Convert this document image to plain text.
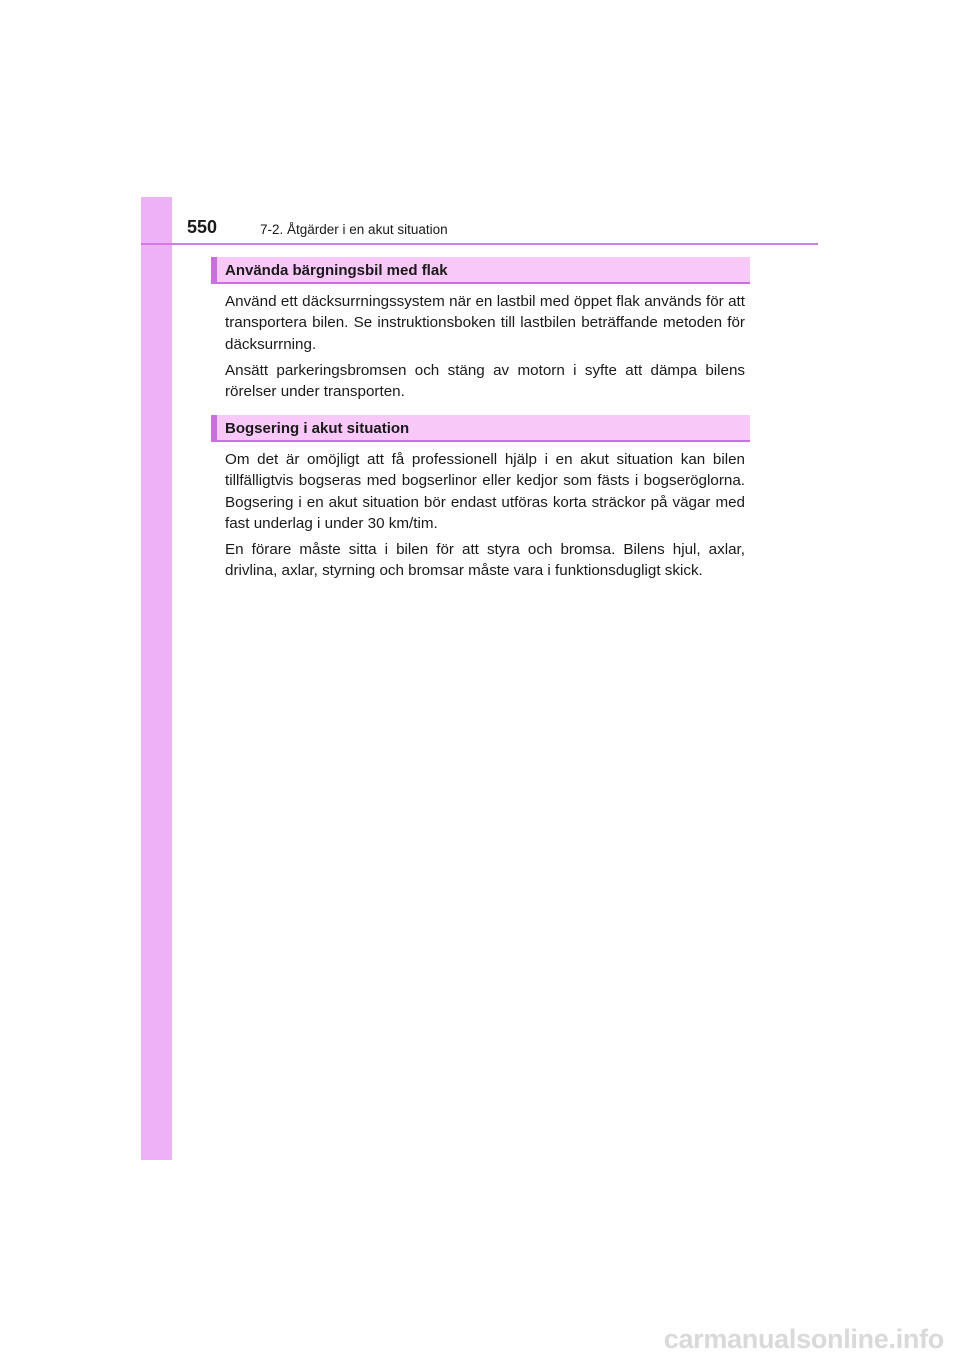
550	7-2. Åtgärder i en akut situation
Använda bärgningsbil med flak

Använd ett däcksurrningssystem när en lastbil med öppet flak används för att transportera bilen. Se instruktionsboken till lastbilen beträffande metoden för däcksurrning.

Ansätt parkeringsbromsen och stäng av motorn i syfte att dämpa bilens rörelser under transporten.

Bogsering i akut situation

Om det är omöjligt att få professionell hjälp i en akut situation kan bilen tillfälligtvis bogseras med bogserlinor eller kedjor som fästs i bogseröglorna. Bogsering i en akut situation bör endast utföras korta sträckor på vägar med fast underlag i under 30 km/tim.

En förare måste sitta i bilen för att styra och bromsa. Bilens hjul, axlar, drivlina, axlar, styrning och bromsar måste vara i funktionsdugligt skick.

carmanualsonline.info
